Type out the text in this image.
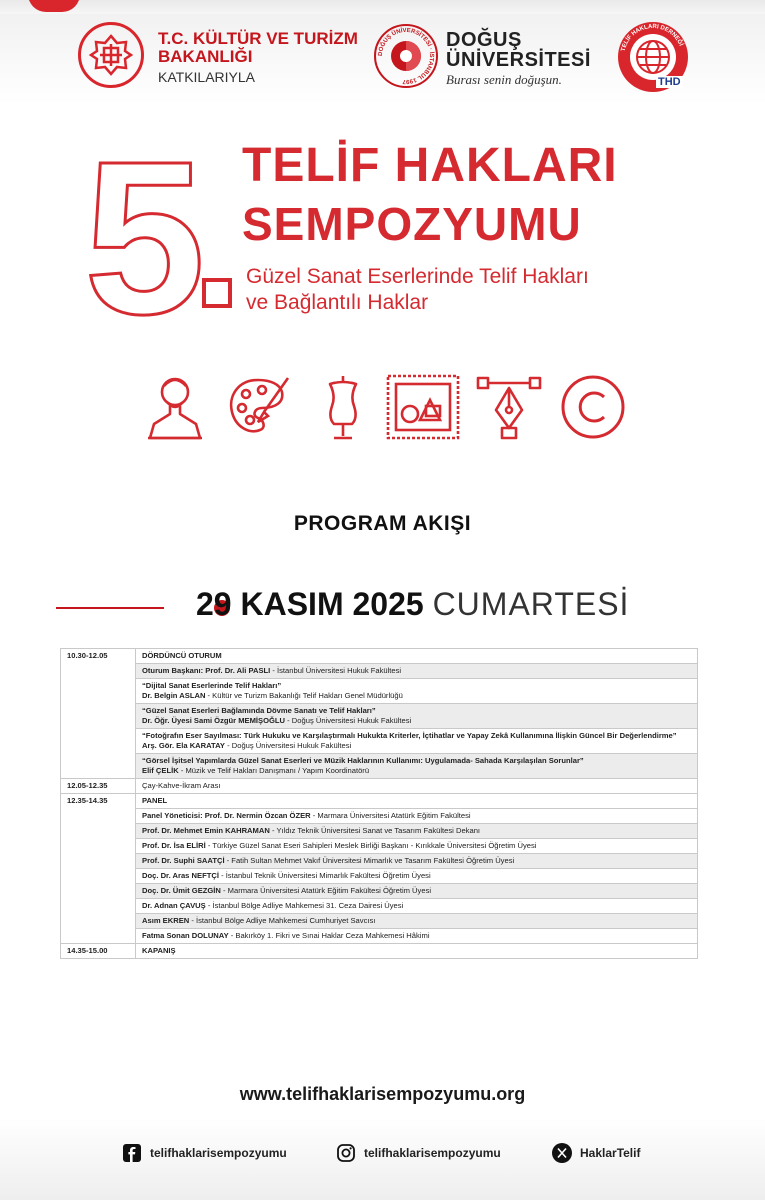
T.C. KÜLTÜR VE TURİZM
BAKANLIĞI
KATKILARIYLA
DOĞUŞ ÜNİVERSİTESİ · İSTANBUL 1997
DOĞUŞ
ÜNİVERSİTESİ
Burası senin doğuşun.
TELİF HAKLARI DERNEĞİ
THD
5 TELİF HAKLARI
SEMPOZYUMU
Güzel Sanat Eserlerinde Telif Hakları
ve Bağlantılı Haklar
PROGRAM AKIŞI
29 KASIM 2025 CUMARTESİ
10.30-12.05	DÖRDÜNCÜ OTURUM
	Oturum Başkanı: Prof. Dr. Ali PASLI - İstanbul Üniversitesi Hukuk Fakültesi

	“Dijital Sanat Eserlerinde Telif Hakları”
Dr. Belgin ASLAN - Kültür ve Turizm Bakanlığı Telif Hakları Genel Müdürlüğü

	“Güzel Sanat Eserleri Bağlamında Dövme Sanatı ve Telif Hakları”
Dr. Öğr. Üyesi Sami Özgür MEMİŞOĞLU - Doğuş Üniversitesi Hukuk Fakültesi

	“Fotoğrafın Eser Sayılması: Türk Hukuku ve Karşılaştırmalı Hukukta Kriterler, İçtihatlar ve Yapay Zekâ Kullanımına İlişkin Güncel Bir Değerlendirme”
Arş. Gör. Ela KARATAY - Doğuş Üniversitesi Hukuk Fakültesi

	“Görsel İşitsel Yapımlarda Güzel Sanat Eserleri ve Müzik Haklarının Kullanımı: Uygulamada- Sahada Karşılaşılan Sorunlar”
Elif ÇELİK - Müzik ve Telif Hakları Danışmanı / Yapım Koordinatörü
12.05-12.35	Çay-Kahve-İkram Arası
12.35-14.35	PANEL
	Panel Yöneticisi: Prof. Dr. Nermin Özcan ÖZER - Marmara Üniversitesi Atatürk Eğitim Fakültesi
	Prof. Dr. Mehmet Emin KAHRAMAN - Yıldız Teknik Üniversitesi Sanat ve Tasarım Fakültesi Dekanı
	Prof. Dr. İsa ELİRİ - Türkiye Güzel Sanat Eseri Sahipleri Meslek Birliği Başkanı - Kırıkkale Üniversitesi Öğretim Üyesi
	Prof. Dr. Suphi SAATÇİ - Fatih Sultan Mehmet Vakıf Üniversitesi Mimarlık ve Tasarım Fakültesi Öğretim Üyesi
	Doç. Dr. Aras NEFTÇİ - İstanbul Teknik Üniversitesi Mimarlık Fakültesi Öğretim Üyesi
	Doç. Dr. Ümit GEZGİN - Marmara Üniversitesi Atatürk Eğitim Fakültesi Öğretim Üyesi
	Dr. Adnan ÇAVUŞ - İstanbul Bölge Adliye Mahkemesi 31. Ceza Dairesi Üyesi
	Asım EKREN - İstanbul Bölge Adliye Mahkemesi Cumhuriyet Savcısı
	Fatma Sonan DOLUNAY - Bakırköy 1. Fikri ve Sınai Haklar Ceza Mahkemesi Hâkimi
14.35-15.00	KAPANIŞ
www.telifhaklarisempozyumu.org
telifhaklarisempozyumu	telifhaklarisempozyumu	HaklarTelif
